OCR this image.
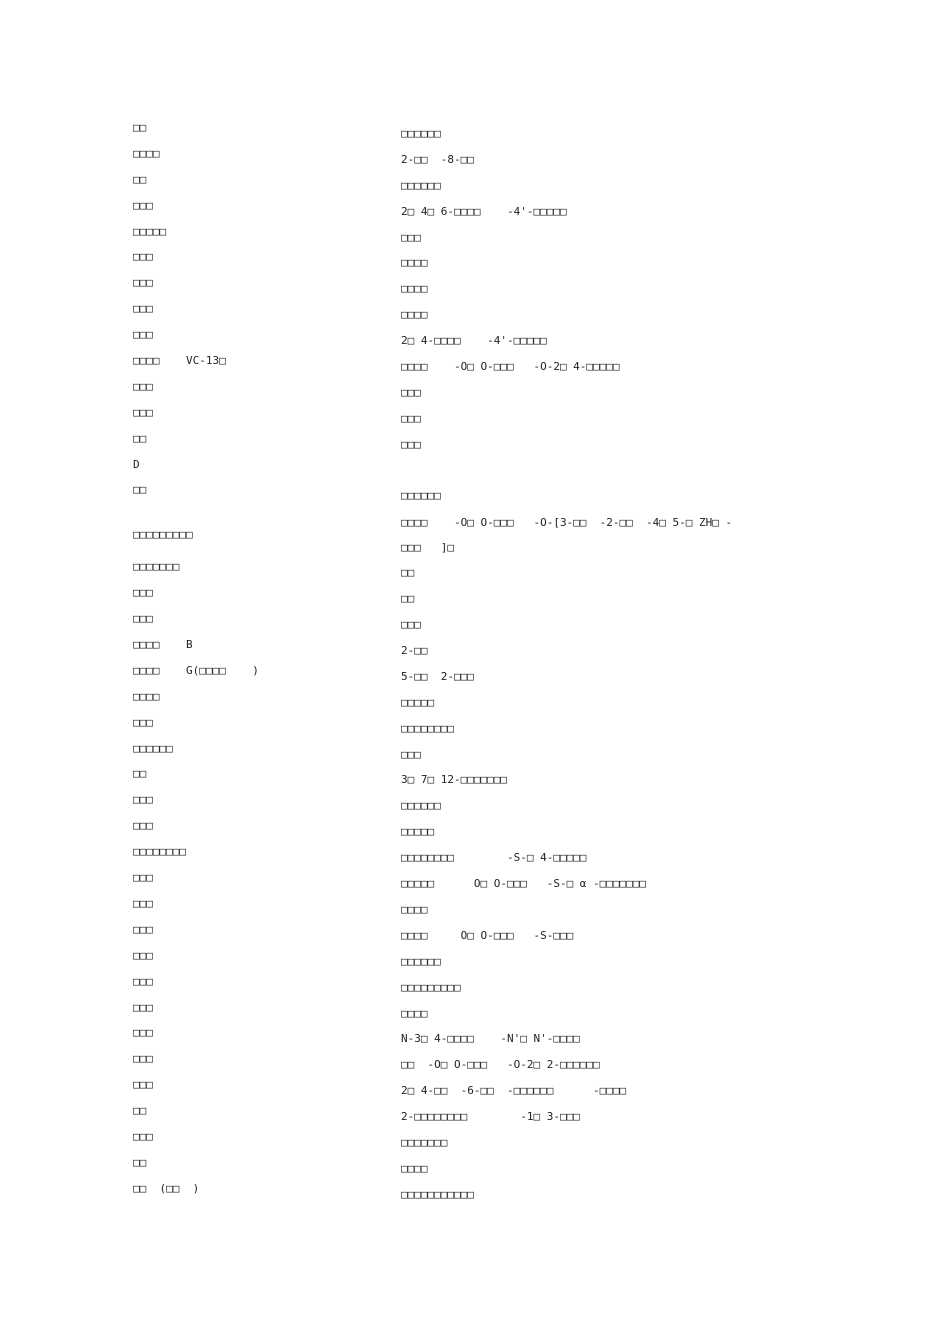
□□	□□□□□□
□□□□	2-□□  -8-□□
□□	□□□□□□
□□□	2□ 4□ 6-□□□□    -4'-□□□□□
□□□□□	□□□
□□□	□□□□
□□□	□□□□
□□□	□□□□
□□□	2□ 4-□□□□    -4'-□□□□□
□□□□    VC-13□	□□□□    -O□ O-□□□   -O-2□ 4-□□□□□
□□□	□□□
□□□	□□□
□□	□□□
D
□□	□□□□□□
□□□□□□□□□
□□□□    -O□ O-□□□   -O-[3-□□  -2-□□  -4□ 5-□ ZH□ -
□□□   ]□
□□□□□□□	□□
□□□	□□
□□□	□□□
□□□□    B	2-□□
□□□□    G(□□□□    )	5-□□  2-□□□
□□□□	□□□□□
□□□	□□□□□□□□
□□□□□□	□□□
□□	3□ 7□ 12-□□□□□□□
□□□	□□□□□□
□□□	□□□□□
□□□□□□□□	□□□□□□□□        -S-□ 4-□□□□□
□□□	□□□□□      O□ O-□□□   -S-□ α -□□□□□□□
□□□	□□□□
□□□	□□□□     O□ O-□□□   -S-□□□
□□□	□□□□□□
□□□	□□□□□□□□□
□□□	□□□□
□□□	N-3□ 4-□□□□    -N'□ N'-□□□□
□□□	□□  -O□ O-□□□   -O-2□ 2-□□□□□□
□□□	2□ 4-□□  -6-□□  -□□□□□□      -□□□□
□□	2-□□□□□□□□        -1□ 3-□□□
□□□	□□□□□□□
□□	□□□□
□□  (□□  )	□□□□□□□□□□□
